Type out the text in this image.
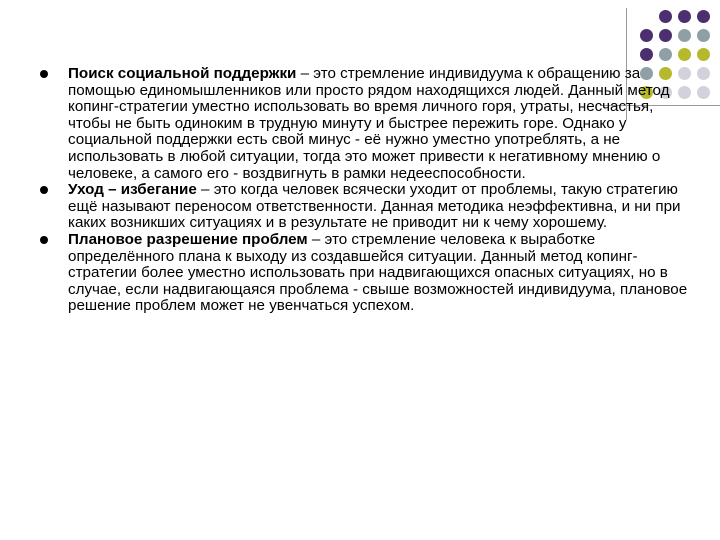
Поиск социальной поддержки – это стремление индивидуума к обращению за помощью единомышленников или просто рядом находящихся людей. Данный метод копинг-стратегии уместно использовать во время личного горя, утраты, несчастья, чтобы не быть одиноким в трудную минуту и быстрее пережить горе. Однако у социальной поддержки есть свой минус - её нужно уместно употреблять, а не использовать в любой ситуации, тогда это может привести к негативному мнению о человеке, а самого его - воздвигнуть в рамки недееспособности.
Уход – избегание – это когда человек всячески уходит от проблемы, такую стратегию ещё называют переносом ответственности. Данная методика неэффективна, и ни при каких возникших ситуациях и в результате не приводит ни к чему хорошему.
Плановое разрешение проблем – это стремление человека к выработке определённого плана к выходу из создавшейся ситуации. Данный метод копинг-стратегии более уместно использовать при надвигающихся опасных ситуациях, но в случае, если надвигающаяся проблема - свыше возможностей индивидуума, плановое решение проблем может не увенчаться успехом.
